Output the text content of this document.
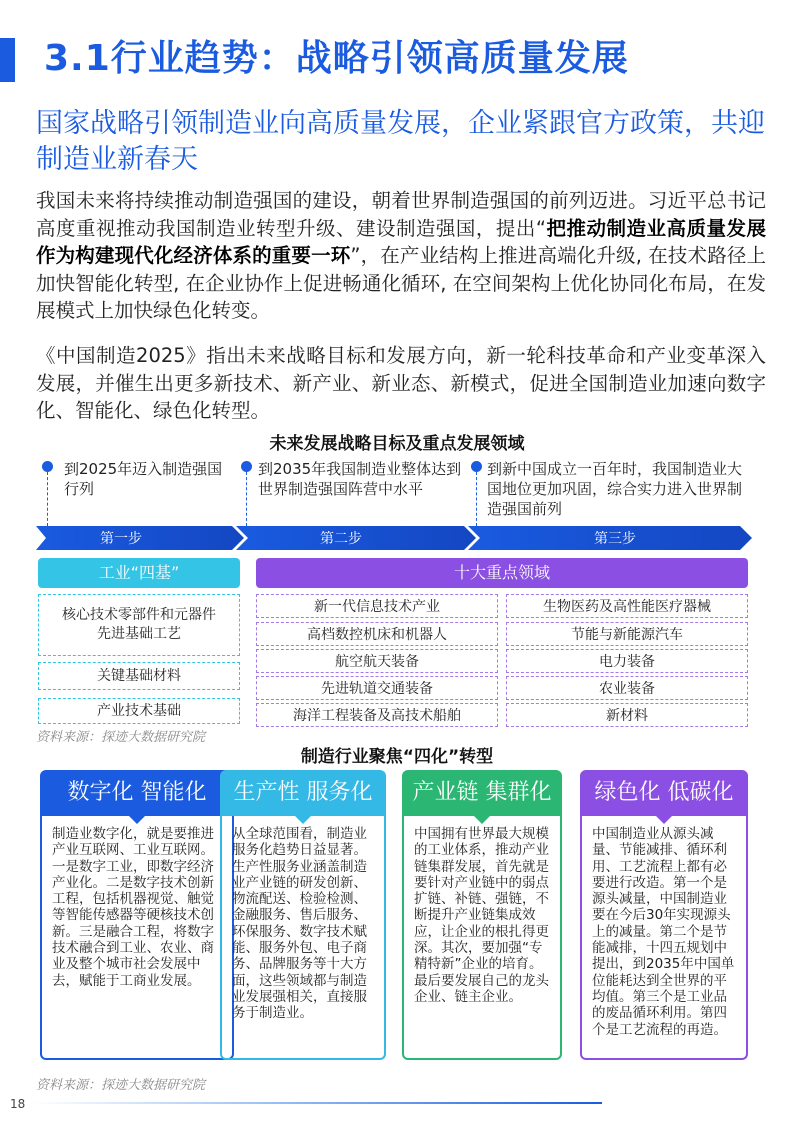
3.1行业趋势：战略引领高质量发展
国家战略引领制造业向高质量发展，企业紧跟官方政策，共迎制造业新春天
我国未来将持续推动制造强国的建设，朝着世界制造强国的前列迈进。习近平总书记高度重视推动我国制造业转型升级、建设制造强国，提出“把推动制造业高质量发展作为构建现代化经济体系的重要一环”，在产业结构上推进高端化升级, 在技术路径上加快智能化转型, 在企业协作上促进畅通化循环, 在空间架构上优化协同化布局，在发展模式上加快绿色化转变。
《中国制造2025》指出未来战略目标和发展方向，新一轮科技革命和产业变革深入发展，并催生出更多新技术、新产业、新业态、新模式，促进全国制造业加速向数字化、智能化、绿色化转型。
未来发展战略目标及重点发展领域
到2025年迈入制造强国行列
到2035年我国制造业整体达到世界制造强国阵营中水平
到新中国成立一百年时，我国制造业大国地位更加巩固，综合实力进入世界制造强国前列
第一步	第二步	第三步
工业“四基”
核心技术零部件和元器件先进基础工艺
关键基础材料
产业技术基础
十大重点领域
新一代信息技术产业
高档数控机床和机器人
航空航天装备
先进轨道交通装备
海洋工程装备及高技术船舶
生物医药及高性能医疗器械
节能与新能源汽车
电力装备
农业装备
新材料
资料来源：探迹大数据研究院
制造行业聚焦“四化”转型
数字化 智能化
制造业数字化，就是要推进产业互联网、工业互联网。一是数字工业，即数字经济产业化。二是数字技术创新工程，包括机器视觉、触觉等智能传感器等硬核技术创新。三是融合工程，将数字技术融合到工业、农业、商业及整个城市社会发展中去，赋能于工商业发展。
生产性 服务化
从全球范围看，制造业服务化趋势日益显著。生产性服务业涵盖制造业产业链的研发创新、物流配送、检验检测、金融服务、售后服务、环保服务、数字技术赋能、服务外包、电子商务、品牌服务等十大方面，这些领域都与制造业发展强相关，直接服务于制造业。
产业链 集群化
中国拥有世界最大规模的工业体系，推动产业链集群发展，首先就是要针对产业链中的弱点扩链、补链、强链，不断提升产业链集成效应，让企业的根扎得更深。其次，要加强“专精特新”企业的培育。最后要发展自己的龙头企业、链主企业。
绿色化 低碳化
中国制造业从源头减量、节能减排、循环利用、工艺流程上都有必要进行改造。第一个是源头减量，中国制造业要在今后30年实现源头上的减量。第二个是节能减排，十四五规划中提出，到2035年中国单位能耗达到全世界的平均值。第三个是工业品的废品循环利用。第四个是工艺流程的再造。
资料来源：探迹大数据研究院
18
